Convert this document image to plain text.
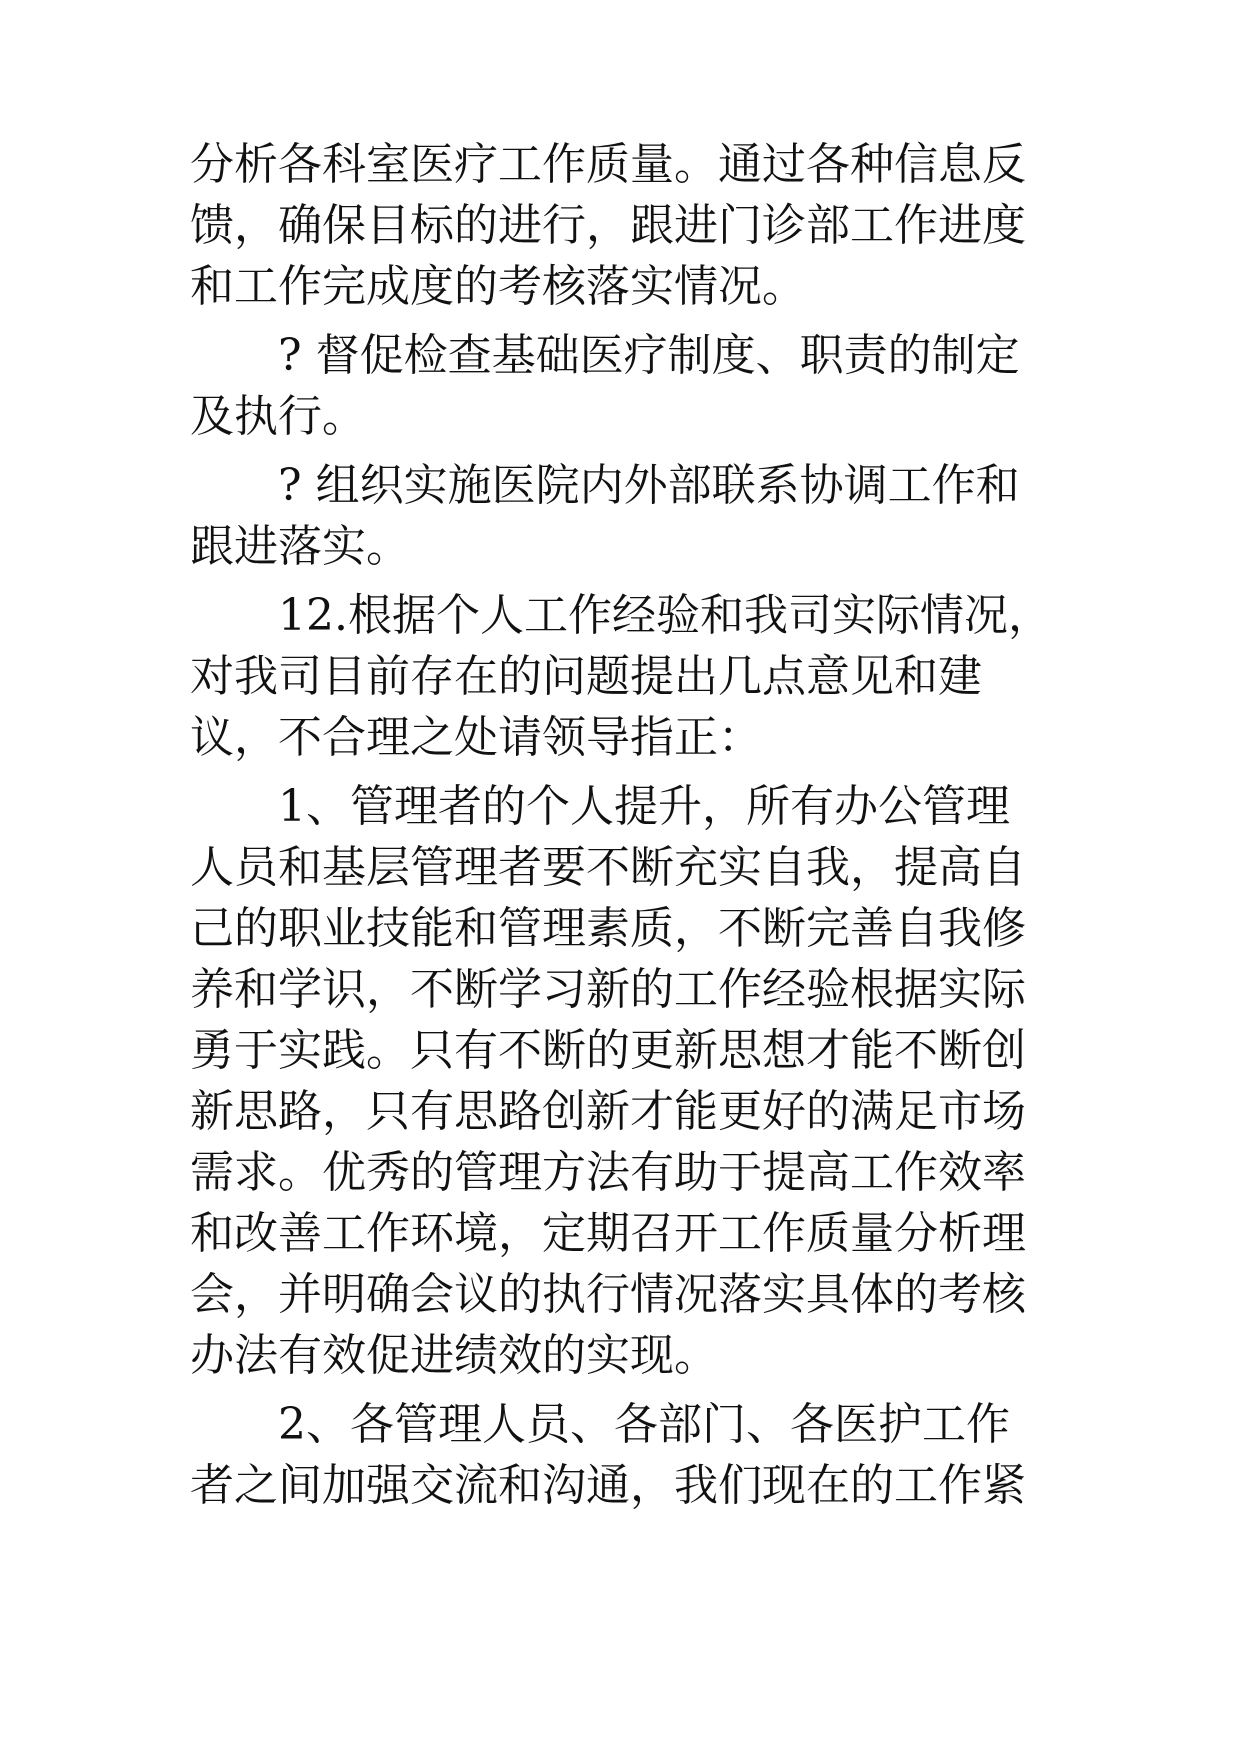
分析各科室医疗工作质量。通过各种信息反

馈，确保目标的进行，跟进门诊部工作进度

和工作完成度的考核落实情况。

? 督促检查基础医疗制度、职责的制定

及执行。

? 组织实施医院内外部联系协调工作和

跟进落实。

12.根据个人工作经验和我司实际情况，

对我司目前存在的问题提出几点意见和建

议，不合理之处请领导指正：

1、管理者的个人提升，所有办公管理

人员和基层管理者要不断充实自我，提高自

己的职业技能和管理素质，不断完善自我修

养和学识，不断学习新的工作经验根据实际

勇于实践。只有不断的更新思想才能不断创

新思路，只有思路创新才能更好的满足市场

需求。优秀的管理方法有助于提高工作效率

和改善工作环境，定期召开工作质量分析理

会，并明确会议的执行情况落实具体的考核

办法有效促进绩效的实现。

2、各管理人员、各部门、各医护工作

者之间加强交流和沟通，我们现在的工作紧
